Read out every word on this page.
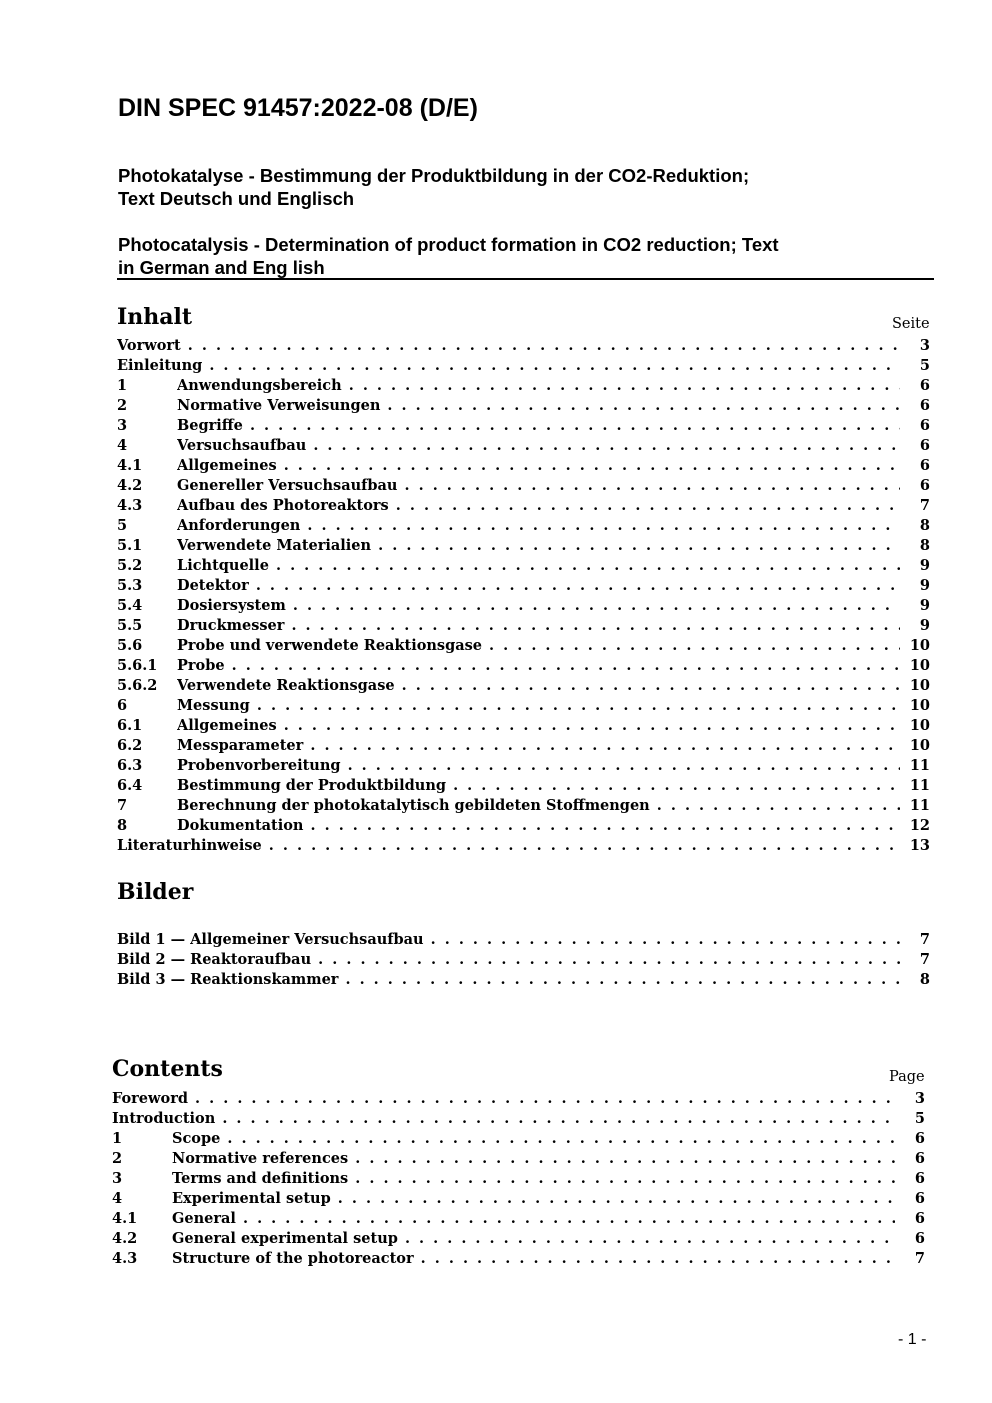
DIN SPEC 91457:2022-08 (D/E)
Photokatalyse - Bestimmung der Produktbildung in der CO2-Reduktion;
Text Deutsch und Englisch
Photocatalysis - Determination of product formation in CO2 reduction; Text
in German and Eng lish
Inhalt	Seite
Vorwort . . .	3
Einleitung . . .	5
1	Anwendungsbereich . . .	6
2	Normative Verweisungen . . .	6
3	Begriffe . . .	6
4	Versuchsaufbau . . .	6
4.1 Allgemeines . . .	6
4.2 Genereller Versuchsaufbau . . .	6
4.3 Aufbau des Photoreaktors . . .	7
5	Anforderungen . . .	8
5.1 Verwendete Materialien . . .	8
5.2 Lichtquelle . . .	9
5.3 Detektor . . .	9
5.4 Dosiersystem . . .	9
5.5 Druckmesser . . .	9
5.6 Probe und verwendete Reaktionsgase . . .	10
5.6.1 Probe . . .	10
5.6.2 Verwendete Reaktionsgase . . .	10
6	Messung . . .	10
6.1 Allgemeines . . .	10
6.2 Messparameter . . .	10
6.3 Probenvorbereitung . . .	11
6.4 Bestimmung der Produktbildung . . .	11
7	Berechnung der photokatalytisch gebildeten Stoffmengen . . .	11
8	Dokumentation . . .	12
Literaturhinweise . . .	13
Bilder
Bild 1 — Allgemeiner Versuchsaufbau . . .	7
Bild 2 — Reaktoraufbau . . .	7
Bild 3 — Reaktionskammer . . .	8
Contents	Page
Foreword . . .	3
Introduction . . .	5
1	Scope . . .	6
2	Normative references . . .	6
3	Terms and definitions . . .	6
4	Experimental setup . . .	6
4.1 General . . .	6
4.2 General experimental setup . . .	6
4.3 Structure of the photoreactor . . .	7
- 1 -
